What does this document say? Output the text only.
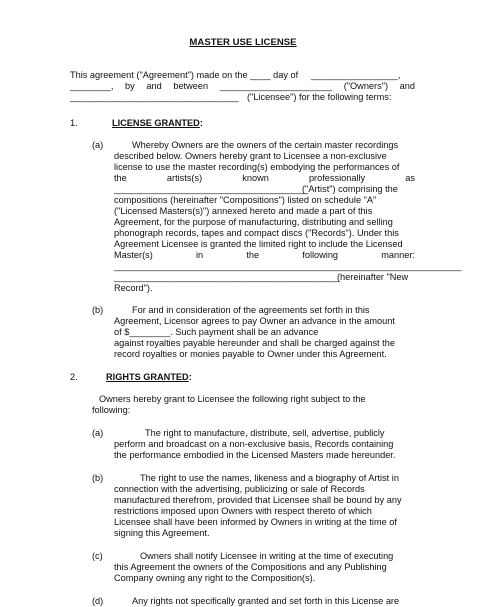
MASTER USE LICENSE
This agreement ("Agreement") made on the ____ day of _________________,
________, by and between ______________________ ("Owners") and
_________________________________ ("Licensee") for the following terms:
1.	LICENSE GRANTED:
(a)	Whereby Owners are the owners of the certain master recordings
described below. Owners hereby grant to Licensee a non-exclusive
license to use the master recording(s) embodying the performances of
the	artists(s)	known	professionally	as
______________________________________
("Artist") comprising the
compositions (hereinafter "Compositions") listed on schedule "A"
("Licensed Masters(s)") annexed hereto and made a part of this
Agreement, for the purpose of manufacturing, distributing and selling
phonograph records, tapes and compact discs ("Records"). Under this
Agreement Licensee is granted the limited right to include the Licensed
Master(s)	in	the	following	manner:
____________________________________________________________________
____________________________________________
(hereinafter "New
Record").
(b)	For and in consideration of the agreements set forth in this
Agreement, Licensor agrees to pay Owner an advance in the amount
of $________. Such payment shall be an advance
against royalties payable hereunder and shall be charged against the
record royalties or monies payable to Owner under this Agreement.
2.	RIGHTS GRANTED:
Owners hereby grant to Licensee the following right subject to the
following:
(a)	The right to manufacture, distribute, sell, advertise, publicly
perform and broadcast on a non-exclusive basis, Records containing
the performance embodied in the Licensed Masters made hereunder.
(b)	The right to use the names, likeness and a biography of Artist in
connection with the advertising, publicizing or sale of Records
manufactured therefrom, provided that Licensee shall be bound by any
restrictions imposed upon Owners with respect thereto of which
Licensee shall have been informed by Owners in writing at the time of
signing this Agreement.
(c)	Owners shall notify Licensee in writing at the time of executing
this Agreement the owners of the Compositions and any Publishing
Company owning any right to the Composition(s).
(d)	Any rights not specifically granted and set forth in this License are
